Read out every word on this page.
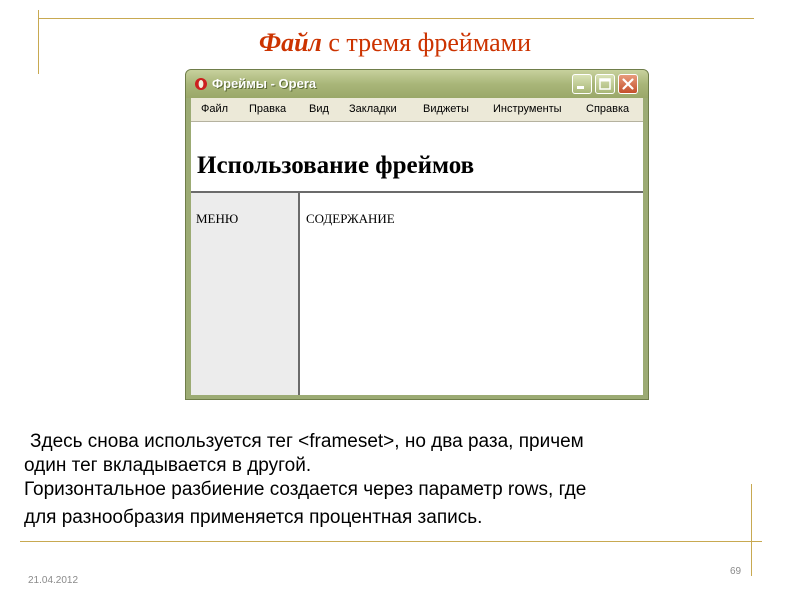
Файл с тремя фреймами
Фреймы - Opera
Файл Правка Вид Закладки Виджеты Инструменты Справка
Использование фреймов
МЕНЮ	СОДЕРЖАНИЕ

Здесь снова используется тег <frameset>, но два раза, причем

один тег вкладывается в другой.

Горизонтальное разбиение создается через параметр rows, где

для разнообразия применяется процентная запись.

21.04.2012
69
